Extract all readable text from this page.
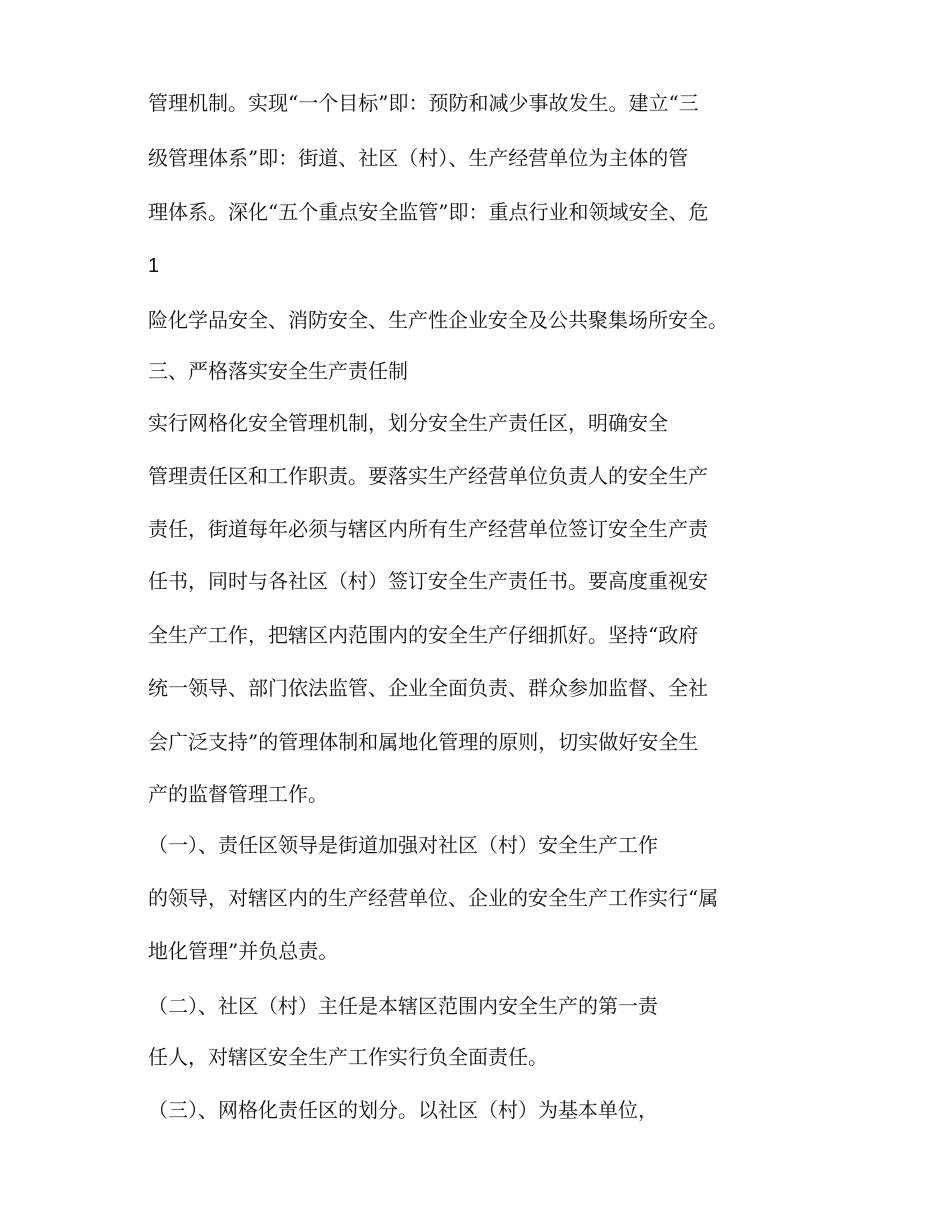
管理机制。实现“一个目标”即：预防和减少事故发生。建立“三
级管理体系”即：街道、社区（村）、生产经营单位为主体的管
理体系。深化“五个重点安全监管”即：重点行业和领域安全、危
1
险化学品安全、消防安全、生产性企业安全及公共聚集场所安全。
三、严格落实安全生产责任制
实行网格化安全管理机制，划分安全生产责任区，明确安全
管理责任区和工作职责。要落实生产经营单位负责人的安全生产
责任，街道每年必须与辖区内所有生产经营单位签订安全生产责
任书，同时与各社区（村）签订安全生产责任书。要高度重视安
全生产工作，把辖区内范围内的安全生产仔细抓好。坚持“政府
统一领导、部门依法监管、企业全面负责、群众参加监督、全社
会广泛支持”的管理体制和属地化管理的原则，切实做好安全生
产的监督管理工作。
（一）、责任区领导是街道加强对社区（村）安全生产工作
的领导，对辖区内的生产经营单位、企业的安全生产工作实行“属
地化管理”并负总责。
（二）、社区（村）主任是本辖区范围内安全生产的第一责
任人，对辖区安全生产工作实行负全面责任。
（三）、网格化责任区的划分。以社区（村）为基本单位，
